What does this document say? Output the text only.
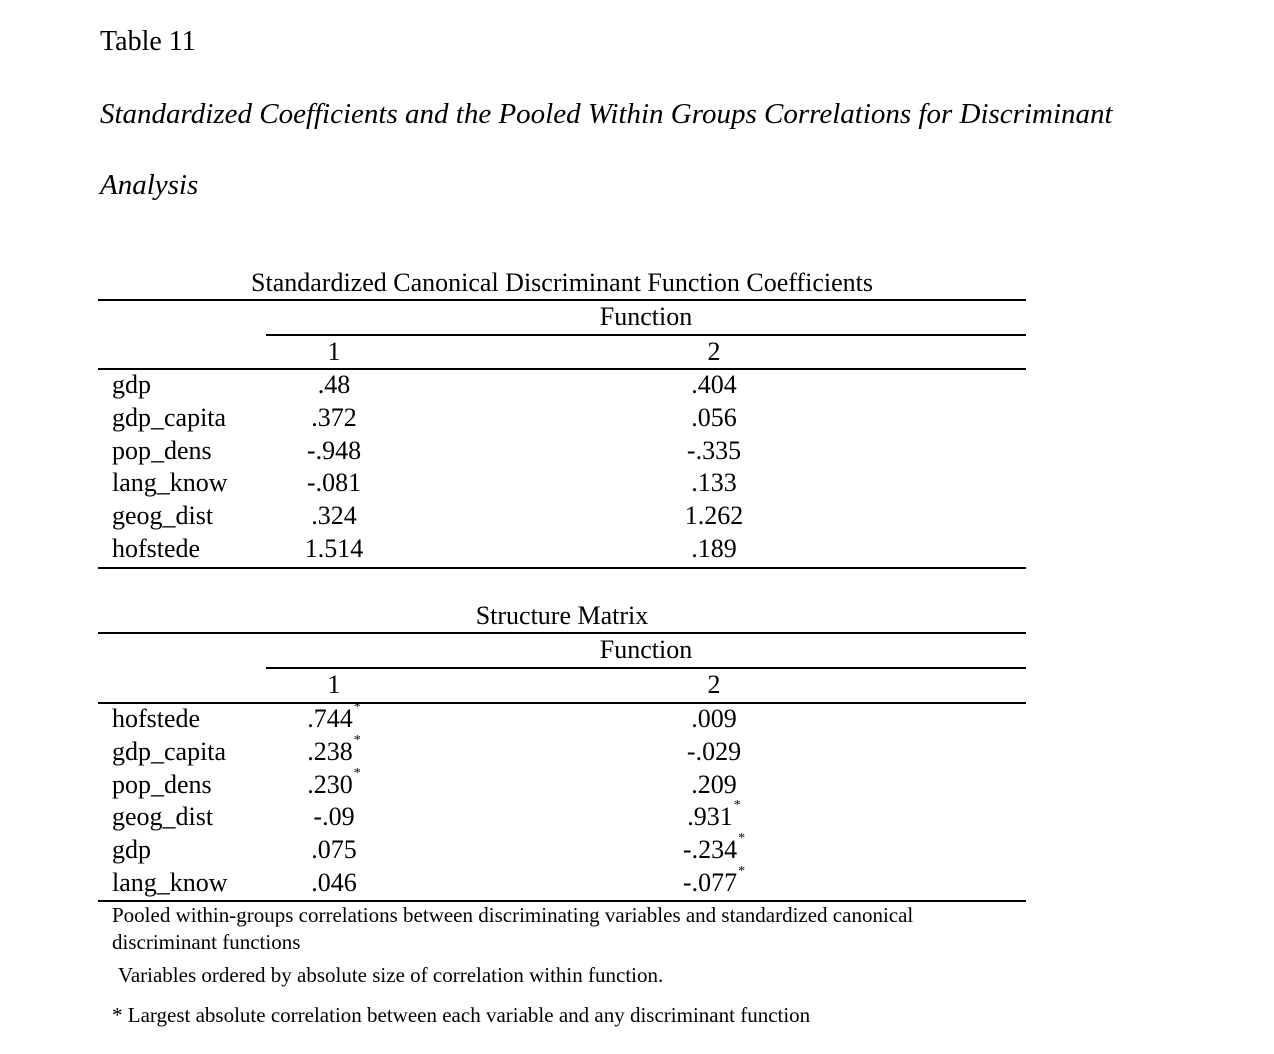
Table 11
Standardized Coefficients and the Pooled Within Groups Correlations for Discriminant
Analysis
Standardized Canonical Discriminant Function Coefficients
Function
1	2
gdp	.48	.404
gdp_capita	.372	.056
pop_dens	-.948	-.335
lang_know	-.081	.133
geog_dist	.324	1.262
hofstede	1.514	.189
Structure Matrix
Function
1	2
hofstede	.744*	.009
gdp_capita	.238*	-.029
pop_dens	.230*	.209
geog_dist	-.09	.931*
gdp	.075	-.234*
lang_know	.046	-.077*
Pooled within-groups correlations between discriminating variables and standardized canonical
discriminant functions
Variables ordered by absolute size of correlation within function.
* Largest absolute correlation between each variable and any discriminant function
